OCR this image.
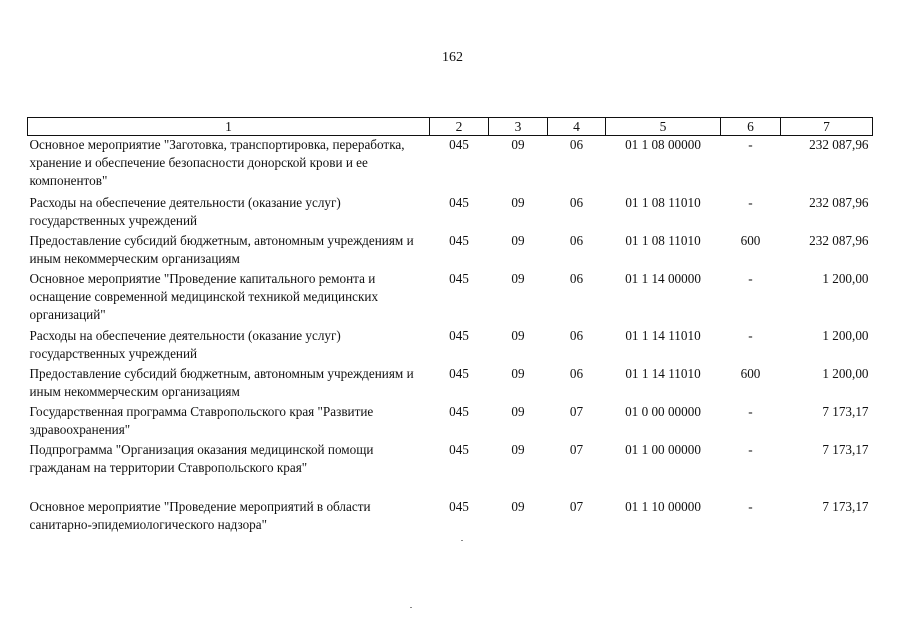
162
1	2	3	4	5	6	7
Основное мероприятие "Заготовка, транспортировка, переработка, хранение и обеспечение безопасности донорской крови и ее компонентов"	045	09	06	01 1 08 00000	-	232 087,96
Расходы на обеспечение деятельности (оказание услуг) государственных учреждений	045	09	06	01 1 08 11010	-	232 087,96
Предоставление субсидий бюджетным, автономным учреждениям и иным некоммерческим организациям	045	09	06	01 1 08 11010	600	232 087,96
Основное мероприятие "Проведение капитального ремонта и оснащение современной медицинской техникой медицинских организаций"	045	09	06	01 1 14 00000	-	1 200,00
Расходы на обеспечение деятельности (оказание услуг) государственных учреждений	045	09	06	01 1 14 11010	-	1 200,00
Предоставление субсидий бюджетным, автономным учреждениям и иным некоммерческим организациям	045	09	06	01 1 14 11010	600	1 200,00
Государственная программа Ставропольского края "Развитие здравоохранения"	045	09	07	01 0 00 00000	-	7 173,17
Подпрограмма "Организация оказания медицинской помощи гражданам на территории Ставропольского края"	045	09	07	01 1 00 00000	-	7 173,17
Основное мероприятие "Проведение мероприятий в области санитарно-эпидемиологического надзора"	045	09	07	01 1 10 00000	-	7 173,17
